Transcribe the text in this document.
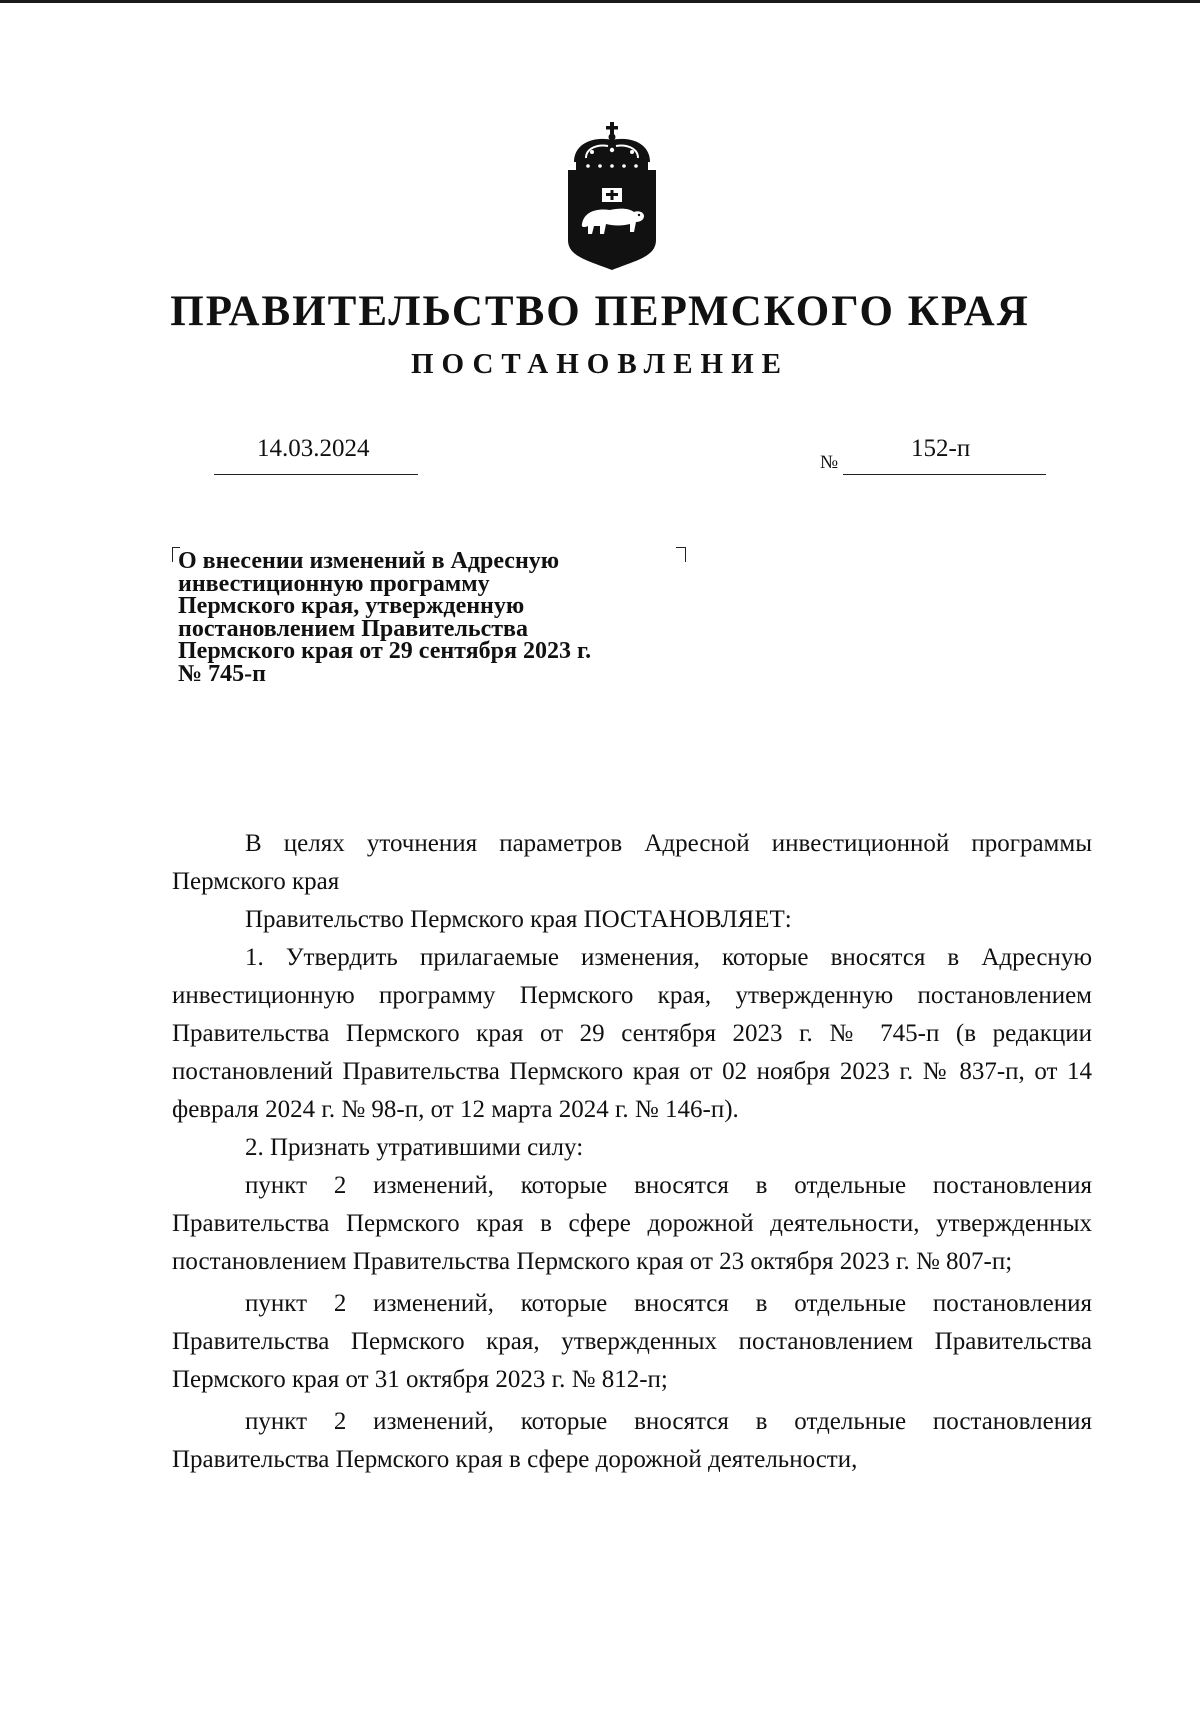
ПРАВИТЕЛЬСТВО ПЕРМСКОГО КРАЯ
ПОСТАНОВЛЕНИЕ
14.03.2024
№
152-п
О внесении изменений в Адресную
инвестиционную программу
Пермского края, утвержденную
постановлением Правительства
Пермского края от 29 сентября 2023 г.
№ 745-п

В целях уточнения параметров Адресной инвестиционной программы Пермского края

Правительство Пермского края ПОСТАНОВЛЯЕТ:

1. Утвердить прилагаемые изменения, которые вносятся в Адресную инвестиционную программу Пермского края, утвержденную постановлением Правительства Пермского края от 29 сентября 2023 г. № 745-п (в редакции постановлений Правительства Пермского края от 02 ноября 2023 г. № 837-п, от 14 февраля 2024 г. № 98-п, от 12 марта 2024 г. № 146-п).

2. Признать утратившими силу:

пункт 2 изменений, которые вносятся в отдельные постановления Правительства Пермского края в сфере дорожной деятельности, утвержденных постановлением Правительства Пермского края от 23 октября 2023 г. № 807-п;

пункт 2 изменений, которые вносятся в отдельные постановления Правительства Пермского края, утвержденных постановлением Правительства Пермского края от 31 октября 2023 г. № 812-п;

пункт 2 изменений, которые вносятся в отдельные постановления Правительства Пермского края в сфере дорожной деятельности,
